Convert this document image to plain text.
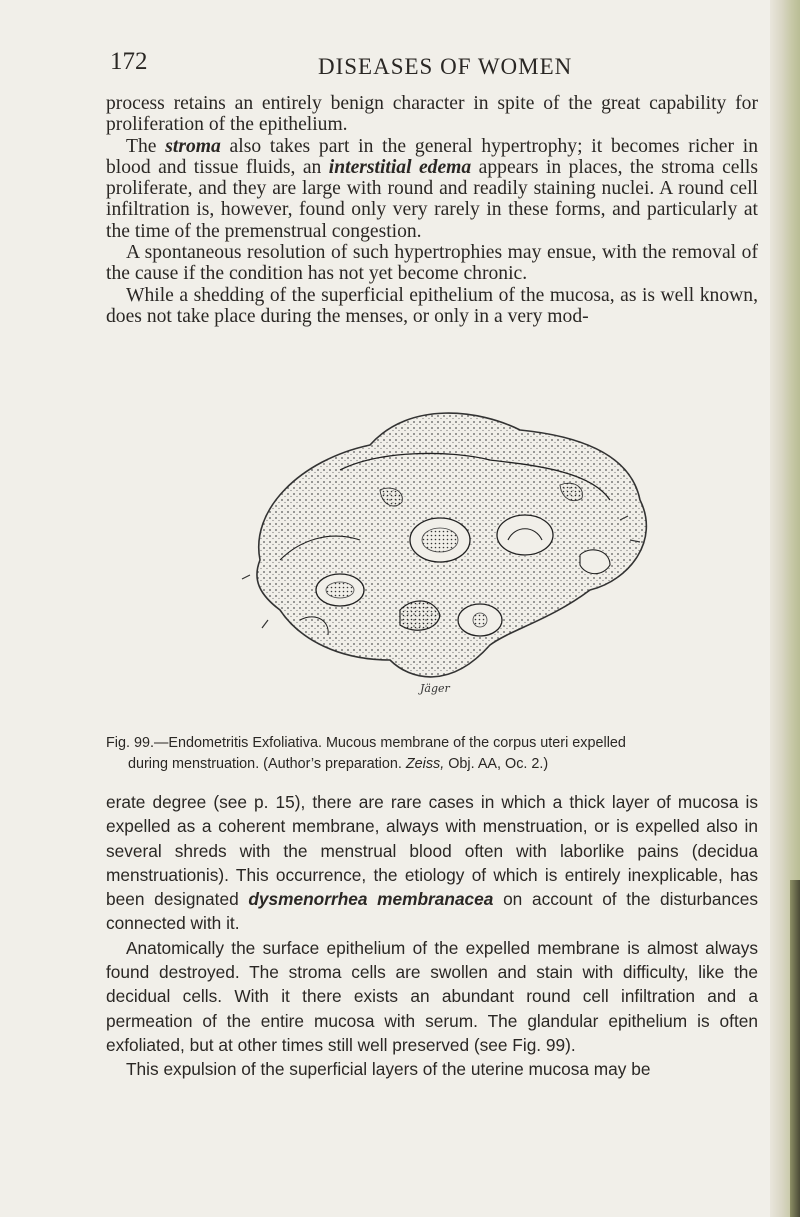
172	DISEASES OF WOMEN

process retains an entirely benign character in spite of the great capability for proliferation of the epithelium.

The stroma also takes part in the general hypertrophy; it becomes richer in blood and tissue fluids, an interstitial edema appears in places, the stroma cells proliferate, and they are large with round and readily staining nuclei. A round cell infiltration is, however, found only very rarely in these forms, and particularly at the time of the premenstrual congestion.

A spontaneous resolution of such hypertrophies may ensue, with the removal of the cause if the condition has not yet become chronic.

While a shedding of the superficial epithelium of the mucosa, as is well known, does not take place during the menses, or only in a very mod-

Jäger
Fig. 99.—Endometritis Exfoliativa. Mucous membrane of the corpus uteri expelled
during menstruation. (Author’s preparation. Zeiss, Obj. AA, Oc. 2.)

erate degree (see p. 15), there are rare cases in which a thick layer of mucosa is expelled as a coherent membrane, always with menstruation, or is expelled also in several shreds with the menstrual blood often with laborlike pains (decidua menstruationis). This occurrence, the etiology of which is entirely inexplicable, has been designated dysmenorrhea membranacea on account of the disturbances connected with it.

Anatomically the surface epithelium of the expelled membrane is almost always found destroyed. The stroma cells are swollen and stain with difficulty, like the decidual cells. With it there exists an abundant round cell infiltration and a permeation of the entire mucosa with serum. The glandular epithelium is often exfoliated, but at other times still well preserved (see Fig. 99).

This expulsion of the superficial layers of the uterine mucosa may be
